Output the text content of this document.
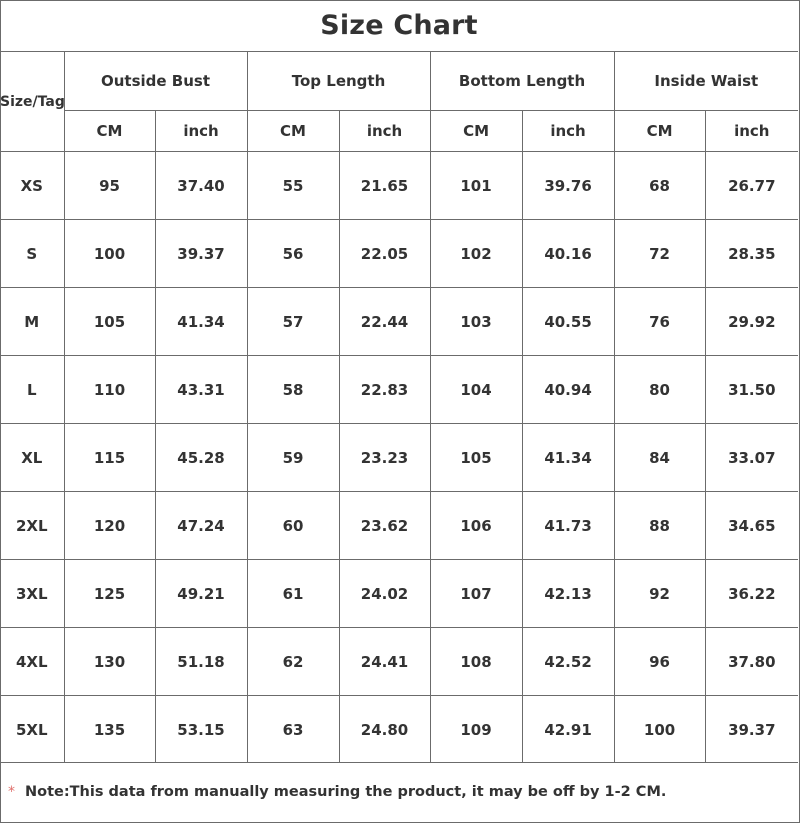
Size Chart
Size/Tag	Outside Bust		Top Length		Bottom Length		Inside Waist	
	CM	inch	CM	inch	CM	inch	CM	inch
XS	95	37.40	55	21.65	101	39.76	68	26.77
S	100	39.37	56	22.05	102	40.16	72	28.35
M	105	41.34	57	22.44	103	40.55	76	29.92
L	110	43.31	58	22.83	104	40.94	80	31.50
XL	115	45.28	59	23.23	105	41.34	84	33.07
2XL	120	47.24	60	23.62	106	41.73	88	34.65
3XL	125	49.21	61	24.02	107	42.13	92	36.22
4XL	130	51.18	62	24.41	108	42.52	96	37.80
5XL	135	53.15	63	24.80	109	42.91	100	39.37
* Note:This data from manually measuring the product, it may be off by 1-2 CM.
